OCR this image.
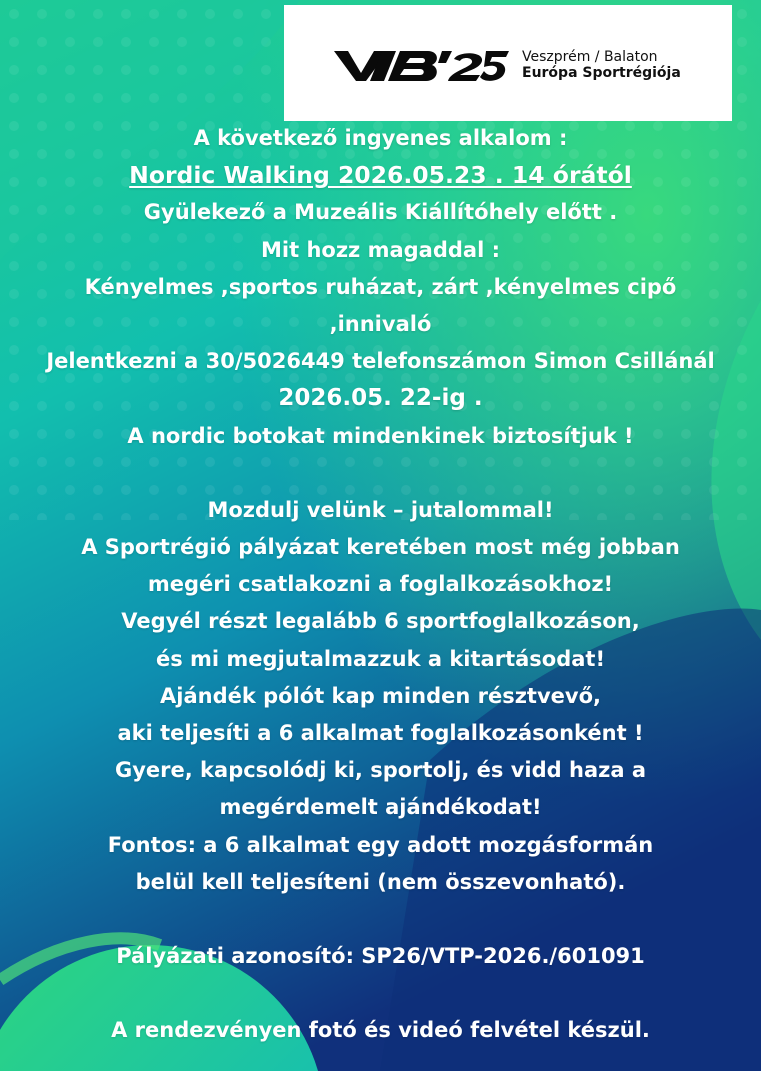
Veszprém / Balaton
Európa Sportrégiója
A következő ingyenes alkalom :
Nordic Walking 2026.05.23 . 14 órától
Gyülekező a Muzeális Kiállítóhely előtt .
Mit hozz magaddal :
Kényelmes ,sportos ruházat, zárt ,kényelmes cipő
,innivaló
Jelentkezni a 30/5026449 telefonszámon Simon Csillánál
2026.05. 22-ig .
A nordic botokat mindenkinek biztosítjuk !
Mozdulj velünk – jutalommal!
A Sportrégió pályázat keretében most még jobban
megéri csatlakozni a foglalkozásokhoz!
Vegyél részt legalább 6 sportfoglalkozáson,
és mi megjutalmazzuk a kitartásodat!
Ajándék pólót kap minden résztvevő,
aki teljesíti a 6 alkalmat foglalkozásonként !
Gyere, kapcsolódj ki, sportolj, és vidd haza a
megérdemelt ajándékodat!
Fontos: a 6 alkalmat egy adott mozgásformán
belül kell teljesíteni (nem összevonható).
Pályázati azonosító: SP26/VTP-2026./601091
A rendezvényen fotó és videó felvétel készül.
